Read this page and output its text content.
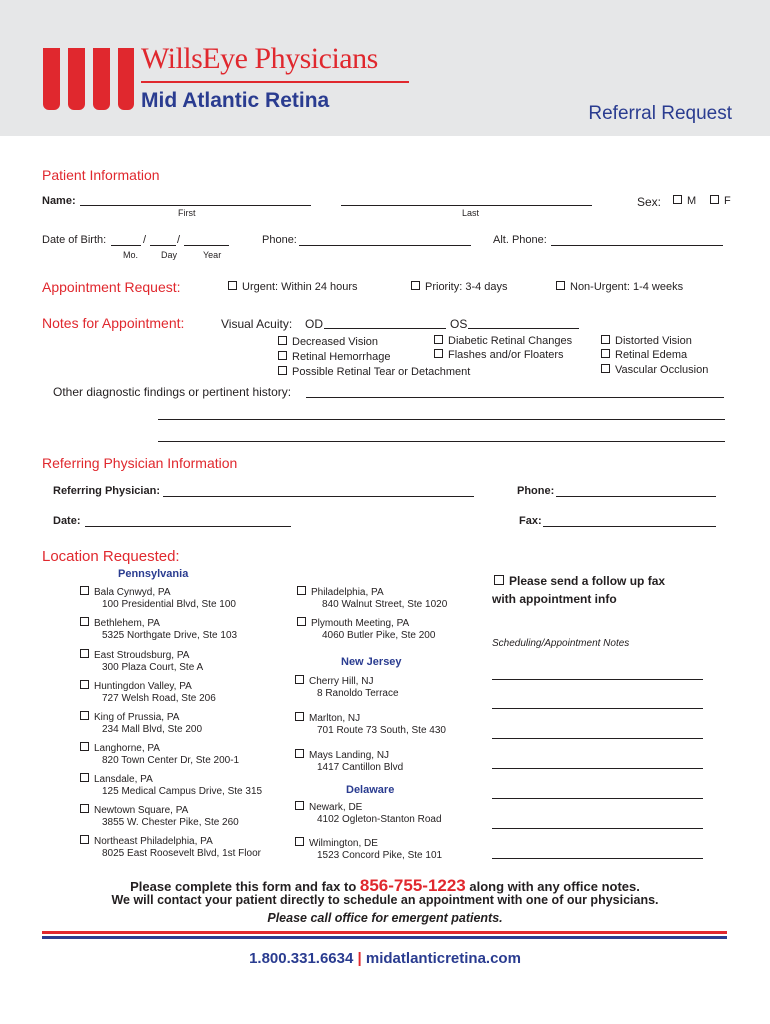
WillsEye Physicians
Mid Atlantic Retina
Referral Request
Patient Information
Name:
First	Last
Sex:	M	F
Date of Birth:	/	/
Mo.	Day	Year
Phone:	Alt. Phone:
Appointment Request:	Urgent: Within 24 hours	Priority: 3-4 days	Non-Urgent: 1-4 weeks
Notes for Appointment:	Visual Acuity: OD	OS
Decreased Vision
Retinal Hemorrhage
Possible Retinal Tear or Detachment
Diabetic Retinal Changes
Flashes and/or Floaters
Distorted Vision
Retinal Edema
Vascular Occlusion
Other diagnostic findings or pertinent history:
Referring Physician Information
Referring Physician:	Phone:
Date:	Fax:
Location Requested:
Pennsylvania
Bala Cynwyd, PA
100 Presidential Blvd, Ste 100
Bethlehem, PA
5325 Northgate Drive, Ste 103
East Stroudsburg, PA
300 Plaza Court, Ste A
Huntingdon Valley, PA
727 Welsh Road, Ste 206
King of Prussia, PA
234 Mall Blvd, Ste 200
Langhorne, PA
820 Town Center Dr, Ste 200-1
Lansdale, PA
125 Medical Campus Drive, Ste 315
Newtown Square, PA
3855 W. Chester Pike, Ste 260
Northeast Philadelphia, PA
8025 East Roosevelt Blvd, 1st Floor
Philadelphia, PA
840 Walnut Street, Ste 1020
Plymouth Meeting, PA
4060 Butler Pike, Ste 200
New Jersey
Cherry Hill, NJ
8 Ranoldo Terrace
Marlton, NJ
701 Route 73 South, Ste 430
Mays Landing, NJ
1417 Cantillon Blvd
Delaware
Newark, DE
4102 Ogleton-Stanton Road
Wilmington, DE
1523 Concord Pike, Ste 101
Please send a follow up fax
with appointment info
Scheduling/Appointment Notes
Please complete this form and fax to 856-755-1223 along with any office notes.
We will contact your patient directly to schedule an appointment with one of our physicians.
Please call office for emergent patients.
1.800.331.6634 | midatlanticretina.com
